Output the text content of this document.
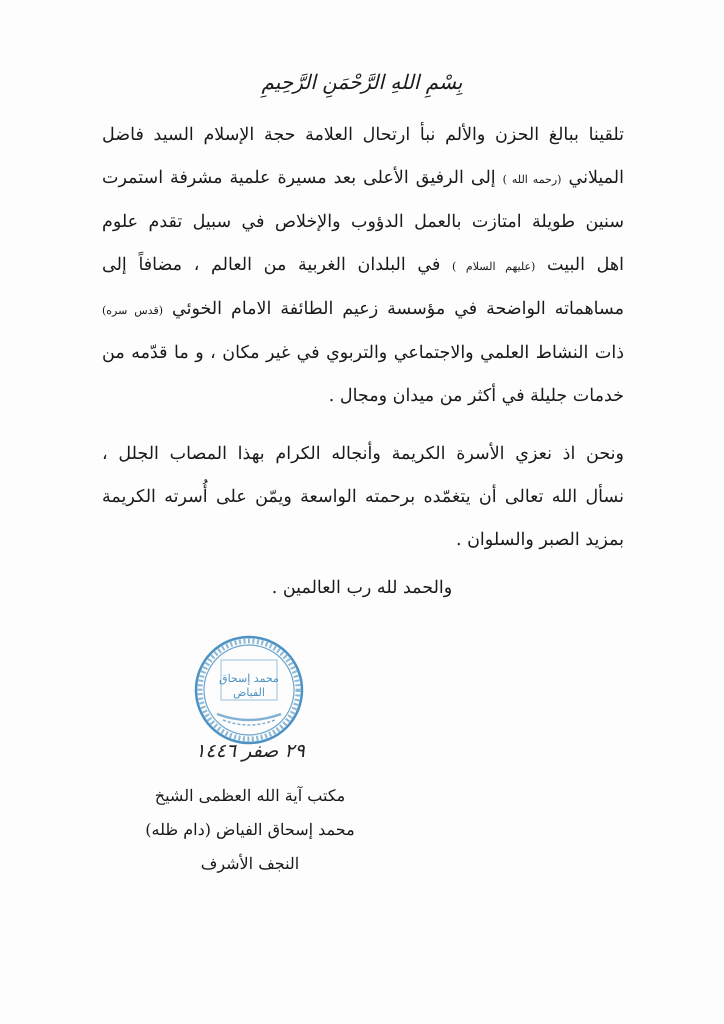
بِسْمِ اللهِ الرَّحْمَنِ الرَّحِيمِ
تلقينا ببالغ الحزن والألم نبأ ارتحال العلامة حجة الإسلام السيد فاضل
الميلاني (رحمه الله ) إلى الرفيق الأعلى بعد مسيرة علمية مشرفة استمرت
سنين طويلة امتازت بالعمل الدؤوب والإخلاص في سبيل تقدم علوم
اهل البيت (عليهم السلام ) في البلدان الغربية من العالم ، مضافاً إلى
مساهماته الواضحة في مؤسسة زعيم الطائفة الامام الخوئي (قدس سره)
ذات النشاط العلمي والاجتماعي والتربوي في غير مكان ، و ما قدّمه من
خدمات جليلة في أكثر من ميدان ومجال .
ونحن اذ نعزي الأسرة الكريمة وأنجاله الكرام بهذا المصاب الجلل ،
نسأل الله تعالى أن يتغمّده برحمته الواسعة ويمّن على أُسرته الكريمة
بمزيد الصبر والسلوان .
والحمد لله رب العالمين .
محمد إسحاق
الفياض
٢٩ صفر ١٤٤٦
مكتب آية الله العظمى الشيخ
محمد إسحاق الفياض (دام ظله)
النجف الأشرف
